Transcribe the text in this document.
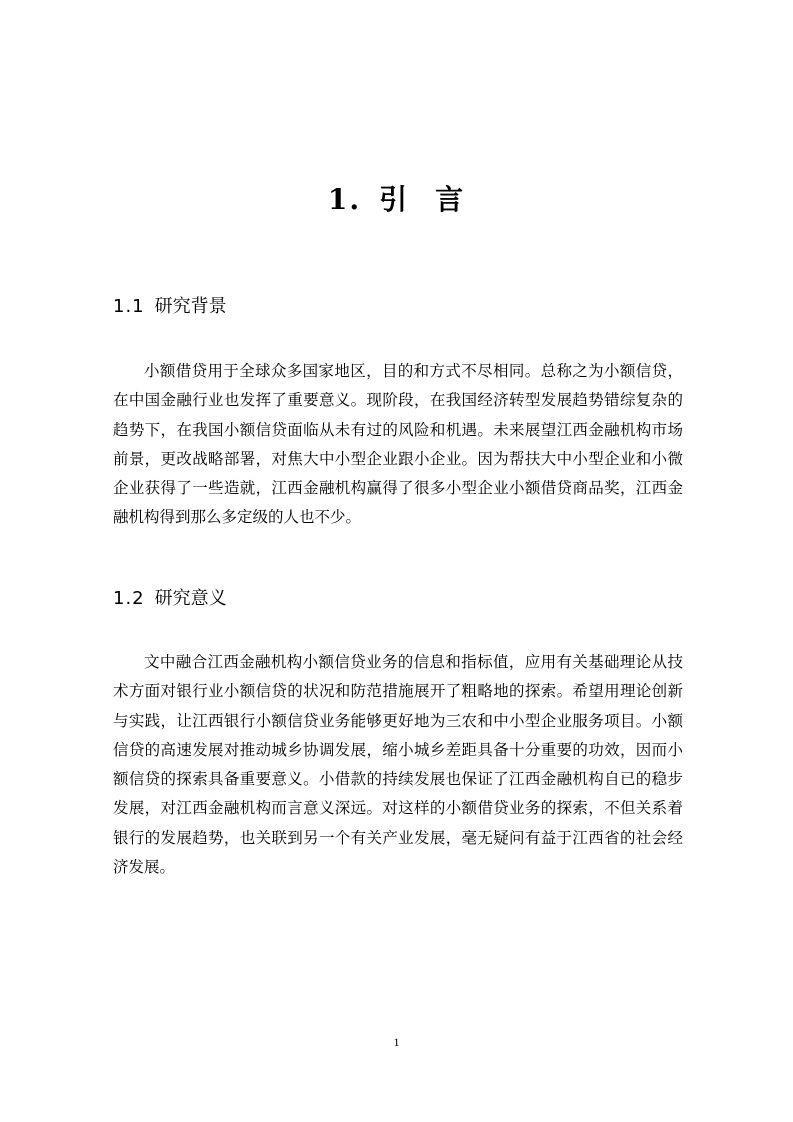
1. 引 言
1.1 研究背景

小额借贷用于全球众多国家地区，目的和方式不尽相同。总称之为小额信贷，在中国金融行业也发挥了重要意义。现阶段，在我国经济转型发展趋势错综复杂的趋势下，在我国小额信贷面临从未有过的风险和机遇。未来展望江西金融机构市场前景，更改战略部署，对焦大中小型企业跟小企业。因为帮扶大中小型企业和小微企业获得了一些造就，江西金融机构赢得了很多小型企业小额借贷商品奖，江西金融机构得到那么多定级的人也不少。

1.2 研究意义

文中融合江西金融机构小额信贷业务的信息和指标值，应用有关基础理论从技术方面对银行业小额信贷的状况和防范措施展开了粗略地的探索。希望用理论创新与实践，让江西银行小额信贷业务能够更好地为三农和中小型企业服务项目。小额信贷的高速发展对推动城乡协调发展，缩小城乡差距具备十分重要的功效，因而小额信贷的探索具备重要意义。小借款的持续发展也保证了江西金融机构自已的稳步发展，对江西金融机构而言意义深远。对这样的小额借贷业务的探索，不但关系着银行的发展趋势，也关联到另一个有关产业发展，毫无疑问有益于江西省的社会经济发展。

1
